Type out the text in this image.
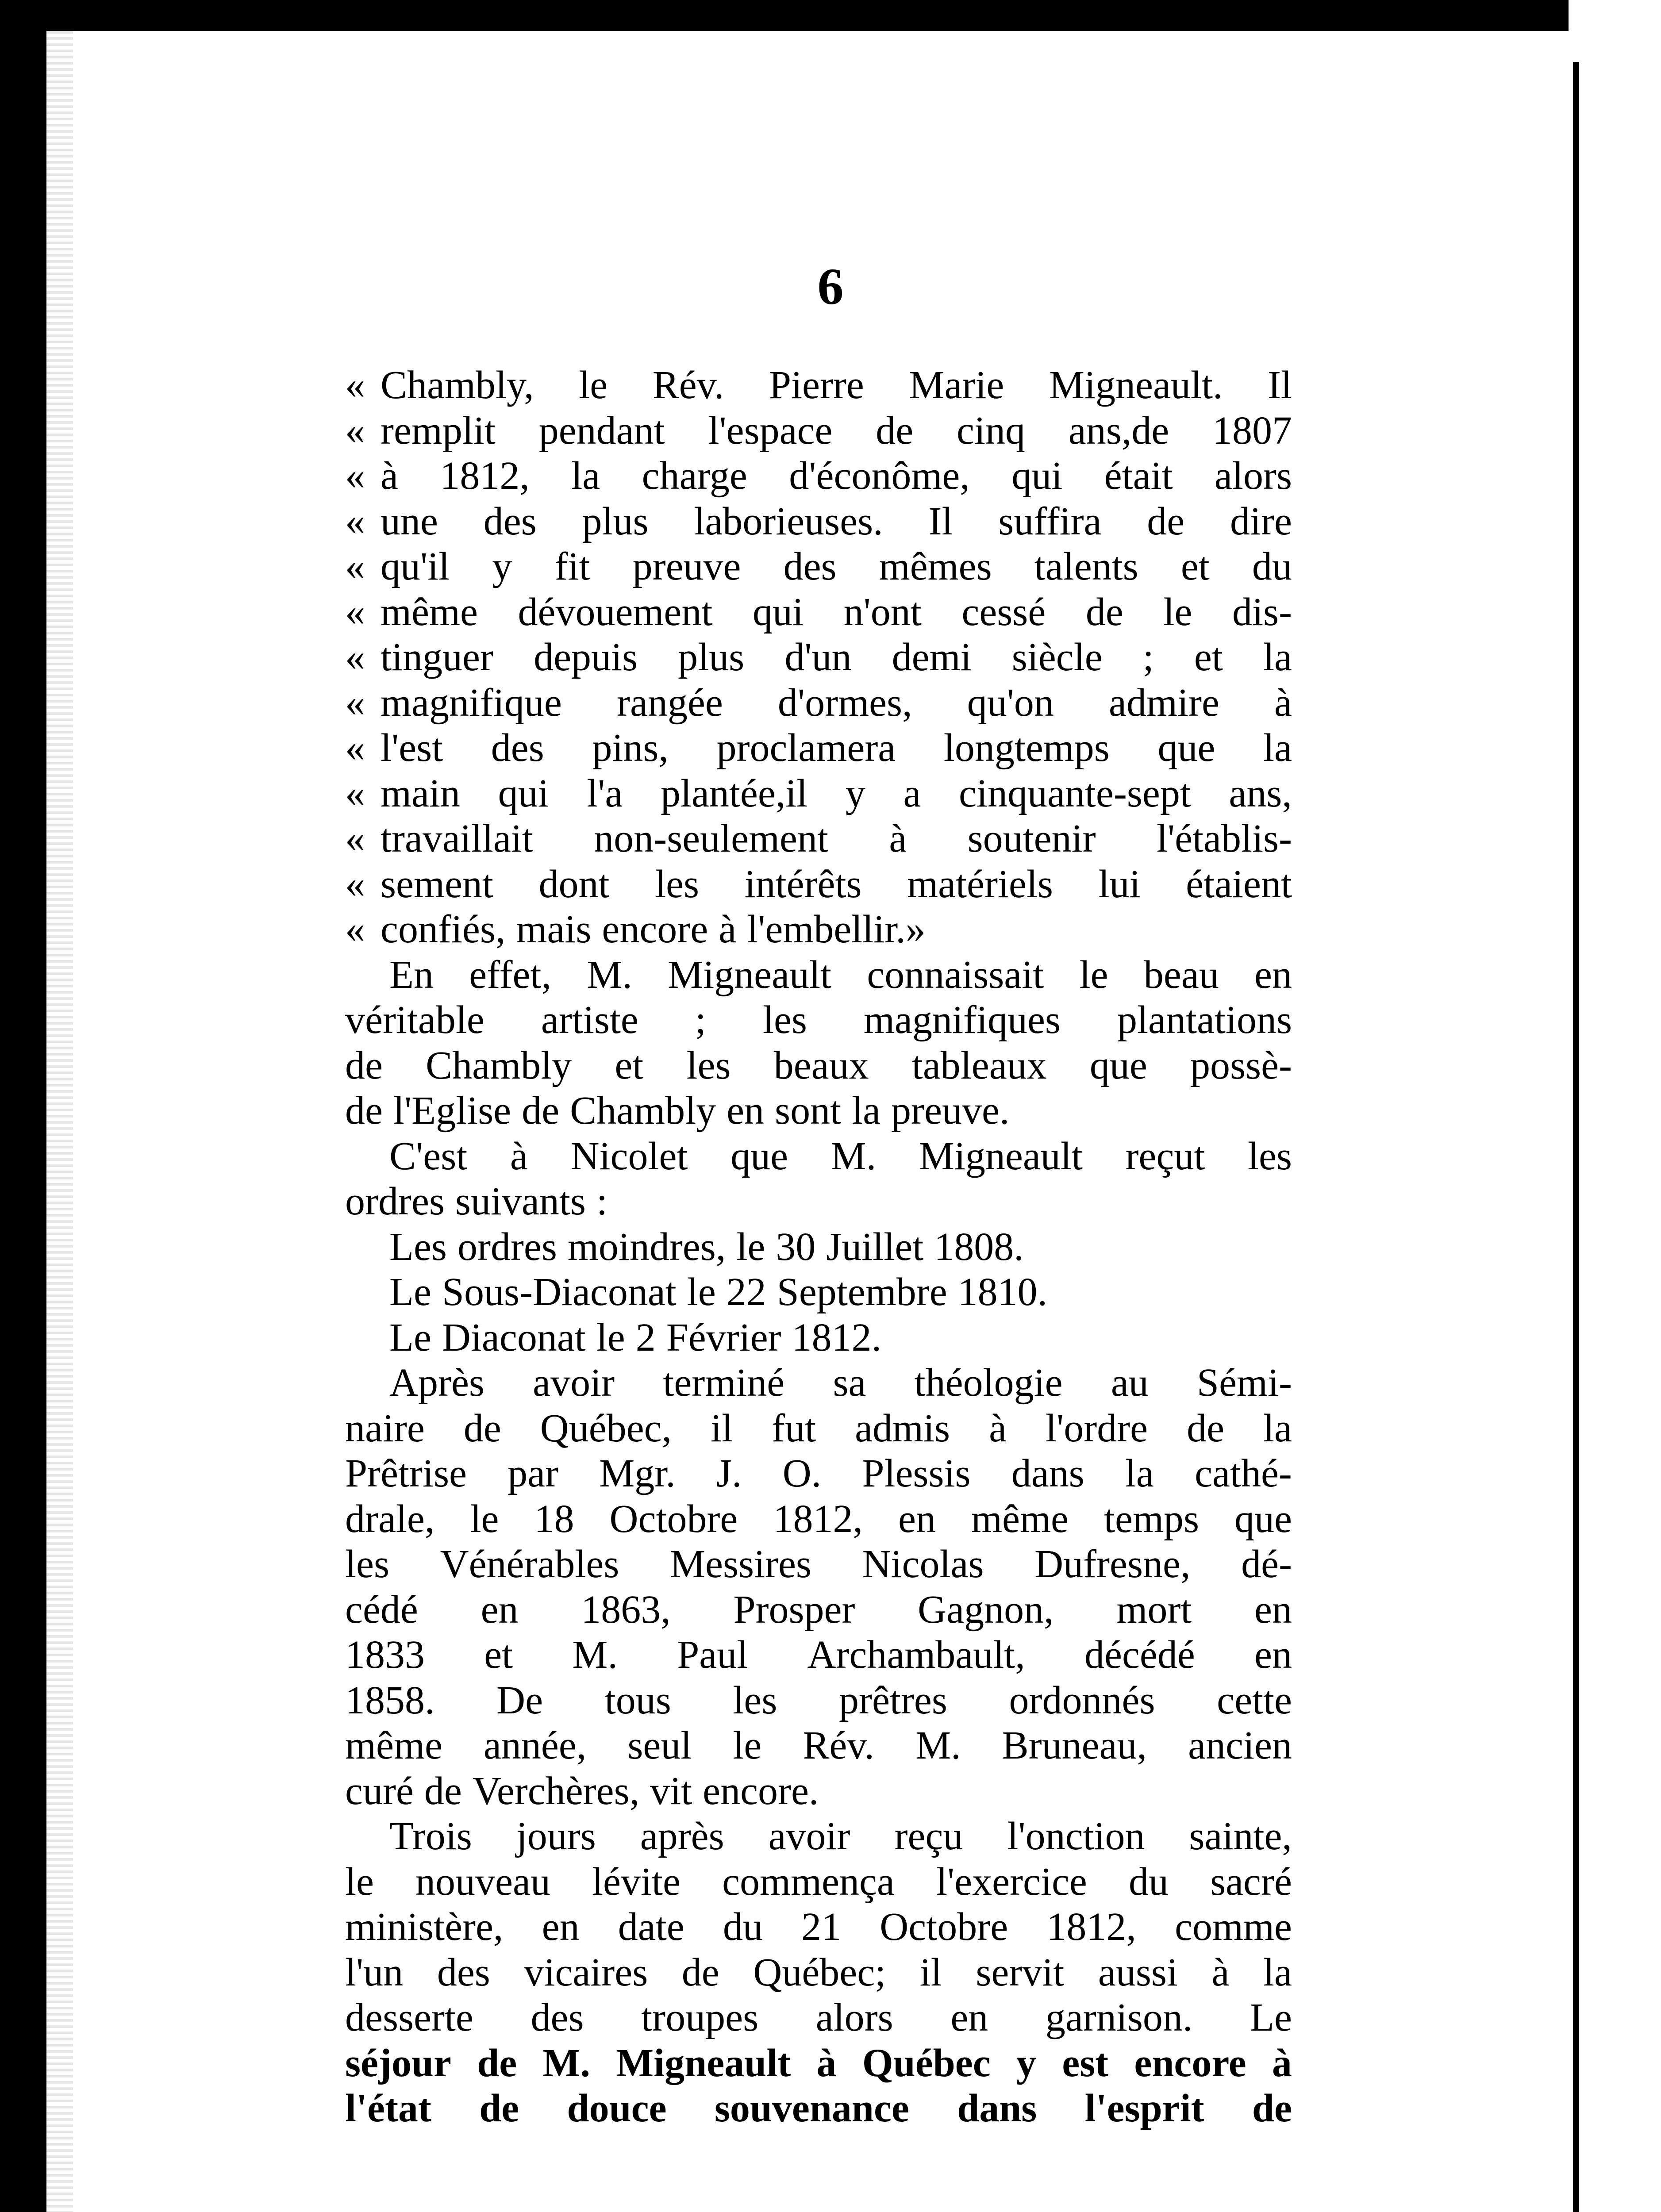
6
« Chambly, le Rév. Pierre Marie Migneault. Il
« remplit pendant l'espace de cinq ans,de 1807
« à 1812, la charge d'éconôme, qui était alors
« une des plus laborieuses. Il suffira de dire
« qu'il y fit preuve des mêmes talents et du
« même dévouement qui n'ont cessé de le dis-
« tinguer depuis plus d'un demi siècle ; et la
« magnifique rangée d'ormes, qu'on admire à
« l'est des pins, proclamera longtemps que la
« main qui l'a plantée,il y a cinquante-sept ans,
« travaillait non-seulement à soutenir l'établis-
« sement dont les intérêts matériels lui étaient
« confiés, mais encore à l'embellir.»
En effet, M. Migneault connaissait le beau en
véritable artiste ; les magnifiques plantations
de Chambly et les beaux tableaux que possè-
de l'Eglise de Chambly en sont la preuve.
C'est à Nicolet que M. Migneault reçut les
ordres suivants :
Les ordres moindres, le 30 Juillet 1808.
Le Sous-Diaconat le 22 Septembre 1810.
Le Diaconat le 2 Février 1812.
Après avoir terminé sa théologie au Sémi-
naire de Québec, il fut admis à l'ordre de la
Prêtrise par Mgr. J. O. Plessis dans la cathé-
drale, le 18 Octobre 1812, en même temps que
les Vénérables Messires Nicolas Dufresne, dé-
cédé en 1863, Prosper Gagnon, mort en
1833 et M. Paul Archambault, décédé en
1858. De tous les prêtres ordonnés cette
même année, seul le Rév. M. Bruneau, ancien
curé de Verchères, vit encore.
Trois jours après avoir reçu l'onction sainte,
le nouveau lévite commença l'exercice du sacré
ministère, en date du 21 Octobre 1812, comme
l'un des vicaires de Québec; il servit aussi à la
desserte des troupes alors en garnison. Le
séjour de M. Migneault à Québec y est encore à
l'état de douce souvenance dans l'esprit de
